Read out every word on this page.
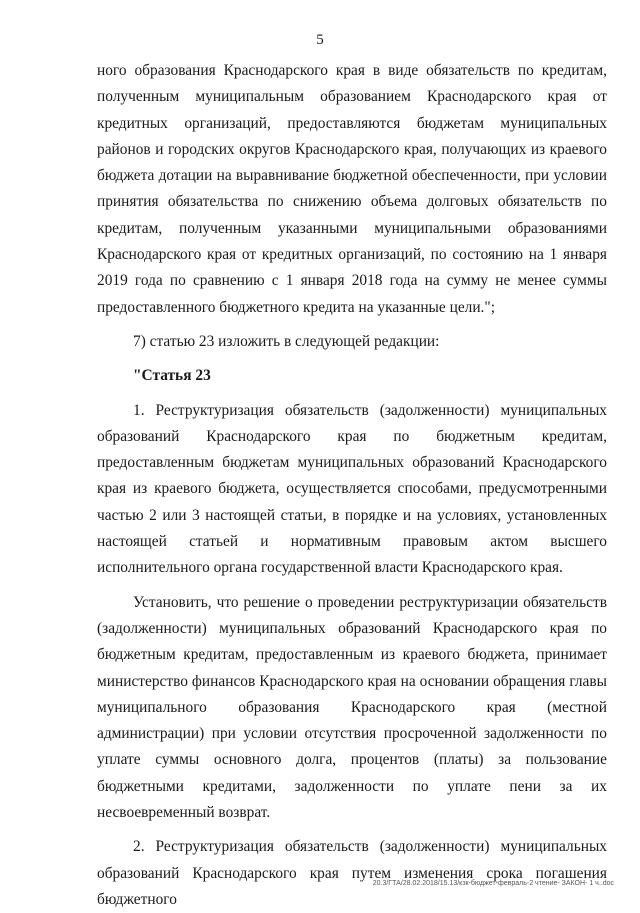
5

ного образования Краснодарского края в виде обязательств по кредитам, полученным муниципальным образованием Краснодарского края от кредитных организаций, предоставляются бюджетам муниципальных районов и городских округов Краснодарского края, получающих из краевого бюджета дотации на выравнивание бюджетной обеспеченности, при условии принятия обязательства по снижению объема долговых обязательств по кредитам, полученным указанными муниципальными образованиями Краснодарского края от кредитных организаций, по состоянию на 1 января 2019 года по сравнению с 1 января 2018 года на сумму не менее суммы предоставленного бюджетного кредита на указанные цели.";

7) статью 23 изложить в следующей редакции:

"Статья 23

1. Реструктуризация обязательств (задолженности) муниципальных образований Краснодарского края по бюджетным кредитам, предоставленным бюджетам муниципальных образований Краснодарского края из краевого бюджета, осуществляется способами, предусмотренными частью 2 или 3 настоящей статьи, в порядке и на условиях, установленных настоящей статьей и нормативным правовым актом высшего исполнительного органа государственной власти Краснодарского края.

Установить, что решение о проведении реструктуризации обязательств (задолженности) муниципальных образований Краснодарского края по бюджетным кредитам, предоставленным из краевого бюджета, принимает министерство финансов Краснодарского края на основании обращения главы муниципального образования Краснодарского края (местной администрации) при условии отсутствия просроченной задолженности по уплате суммы основного долга, процентов (платы) за пользование бюджетными кредитами, задолженности по уплате пени за их несвоевременный возврат.

2. Реструктуризация обязательств (задолженности) муниципальных образований Краснодарского края путем изменения срока погашения бюджетного

20.3/ГТА/28.02.2018/15.13/кзк-бюджет-февраль-2 чтение- ЗАКОН- 1 ч..doc
